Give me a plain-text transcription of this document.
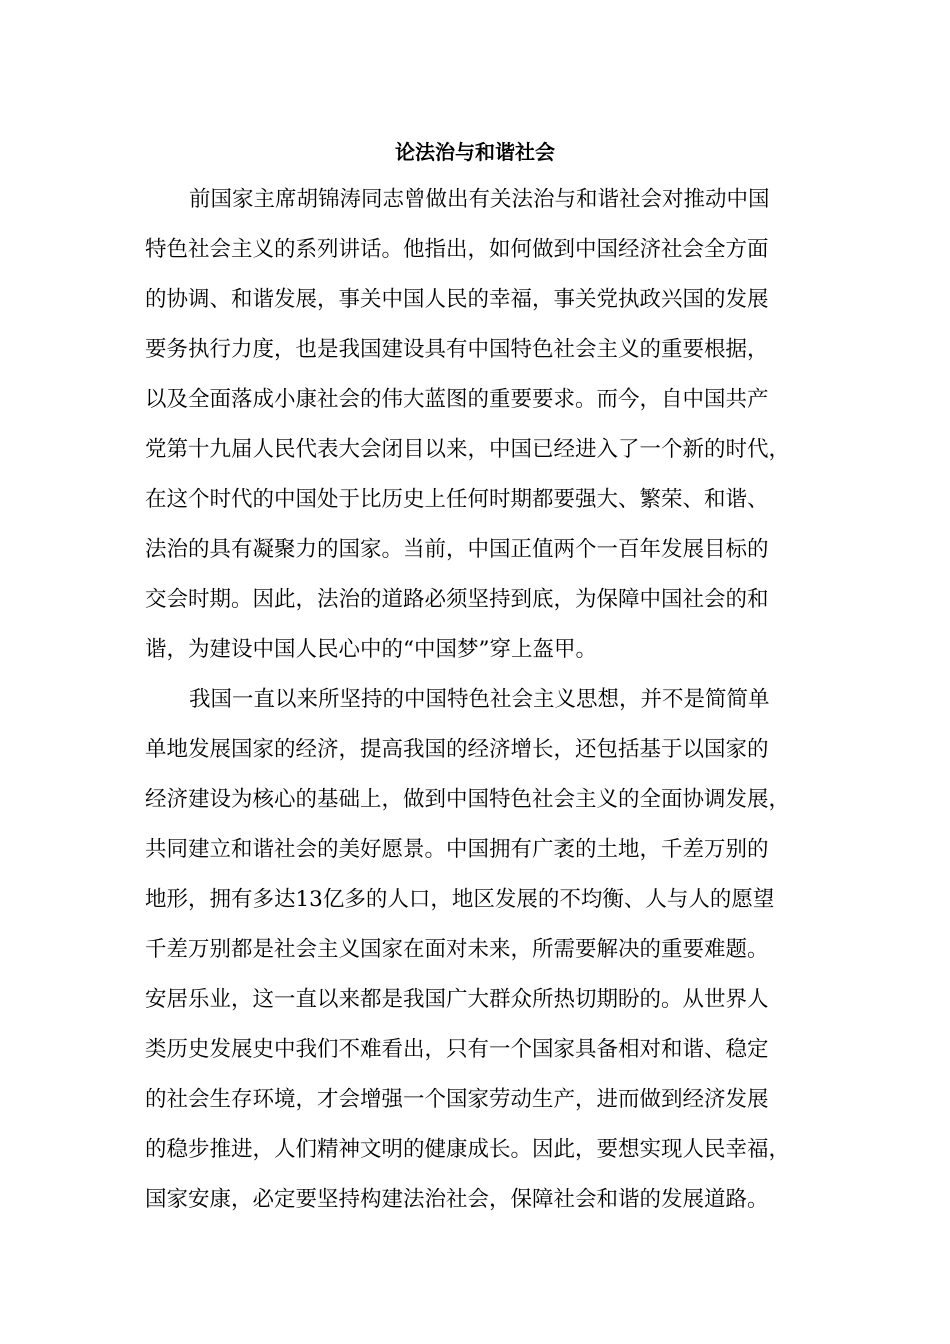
论法治与和谐社会

前国家主席胡锦涛同志曾做出有关法治与和谐社会对推动中国

特色社会主义的系列讲话。他指出，如何做到中国经济社会全方面

的协调、和谐发展，事关中国人民的幸福，事关党执政兴国的发展

要务执行力度，也是我国建设具有中国特色社会主义的重要根据，

以及全面落成小康社会的伟大蓝图的重要要求。而今，自中国共产

党第十九届人民代表大会闭目以来，中国已经进入了一个新的时代，

在这个时代的中国处于比历史上任何时期都要强大、繁荣、和谐、

法治的具有凝聚力的国家。当前，中国正值两个一百年发展目标的

交会时期。因此，法治的道路必须坚持到底，为保障中国社会的和

谐，为建设中国人民心中的“中国梦”穿上盔甲。

我国一直以来所坚持的中国特色社会主义思想，并不是简简单

单地发展国家的经济，提高我国的经济增长，还包括基于以国家的

经济建设为核心的基础上，做到中国特色社会主义的全面协调发展，

共同建立和谐社会的美好愿景。中国拥有广袤的土地，千差万别的

地形，拥有多达13亿多的人口，地区发展的不均衡、人与人的愿望

千差万别都是社会主义国家在面对未来，所需要解决的重要难题。

安居乐业，这一直以来都是我国广大群众所热切期盼的。从世界人

类历史发展史中我们不难看出，只有一个国家具备相对和谐、稳定

的社会生存环境，才会增强一个国家劳动生产，进而做到经济发展

的稳步推进，人们精神文明的健康成长。因此，要想实现人民幸福，

国家安康，必定要坚持构建法治社会，保障社会和谐的发展道路。
